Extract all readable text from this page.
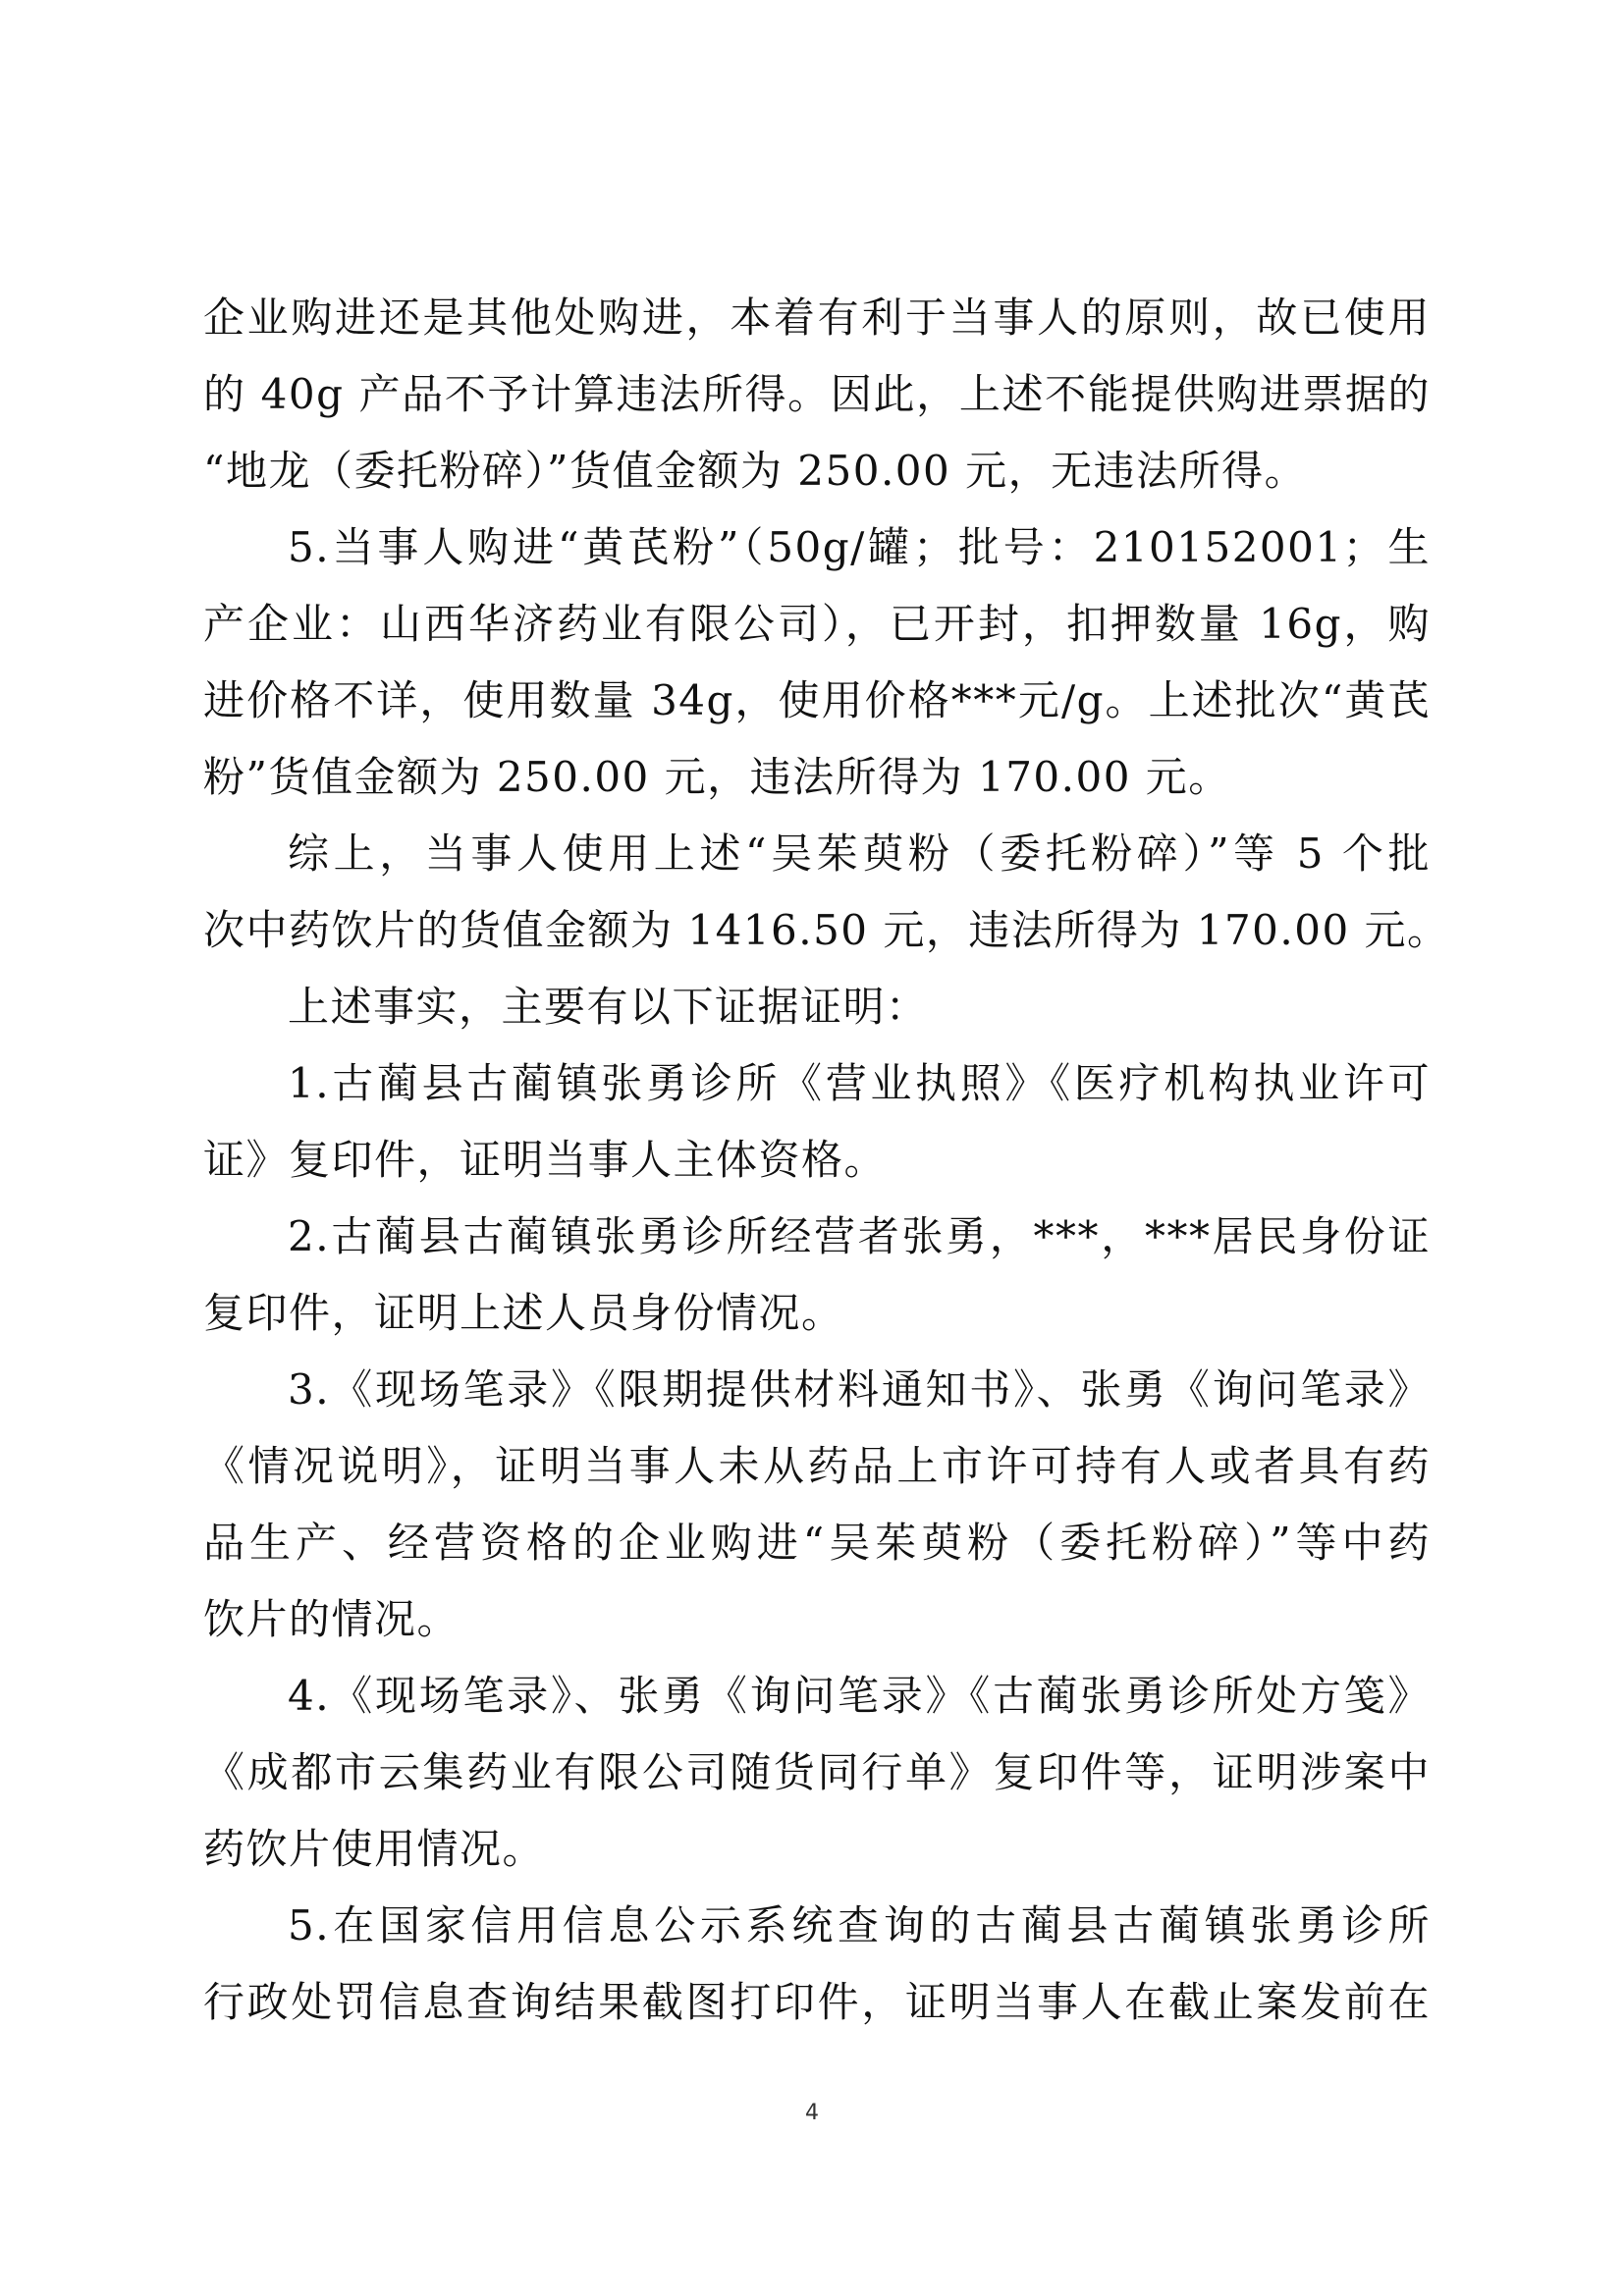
企业购进还是其他处购进，本着有利于当事人的原则，故已使用
的 40g 产品不予计算违法所得。因此，上述不能提供购进票据的
“地龙（委托粉碎）”货值金额为 250.00 元，无违法所得。
5.当事人购进“黄芪粉”（50g/罐；批号：210152001；生
产企业：山西华济药业有限公司），已开封，扣押数量 16g，购
进价格不详，使用数量 34g，使用价格***元/g。上述批次“黄芪
粉”货值金额为 250.00 元，违法所得为 170.00 元。
综上，当事人使用上述“吴茱萸粉（委托粉碎）”等 5 个批
次中药饮片的货值金额为 1416.50 元，违法所得为 170.00 元。
上述事实，主要有以下证据证明：
1.古蔺县古蔺镇张勇诊所《营业执照》《医疗机构执业许可
证》复印件，证明当事人主体资格。
2.古蔺县古蔺镇张勇诊所经营者张勇，***，***居民身份证
复印件，证明上述人员身份情况。
3.《现场笔录》《限期提供材料通知书》、张勇《询问笔录》
《情况说明》，证明当事人未从药品上市许可持有人或者具有药
品生产、经营资格的企业购进“吴茱萸粉（委托粉碎）”等中药
饮片的情况。
4.《现场笔录》、张勇《询问笔录》《古蔺张勇诊所处方笺》
《成都市云集药业有限公司随货同行单》复印件等，证明涉案中
药饮片使用情况。
5.在国家信用信息公示系统查询的古蔺县古蔺镇张勇诊所
行政处罚信息查询结果截图打印件，证明当事人在截止案发前在
4
